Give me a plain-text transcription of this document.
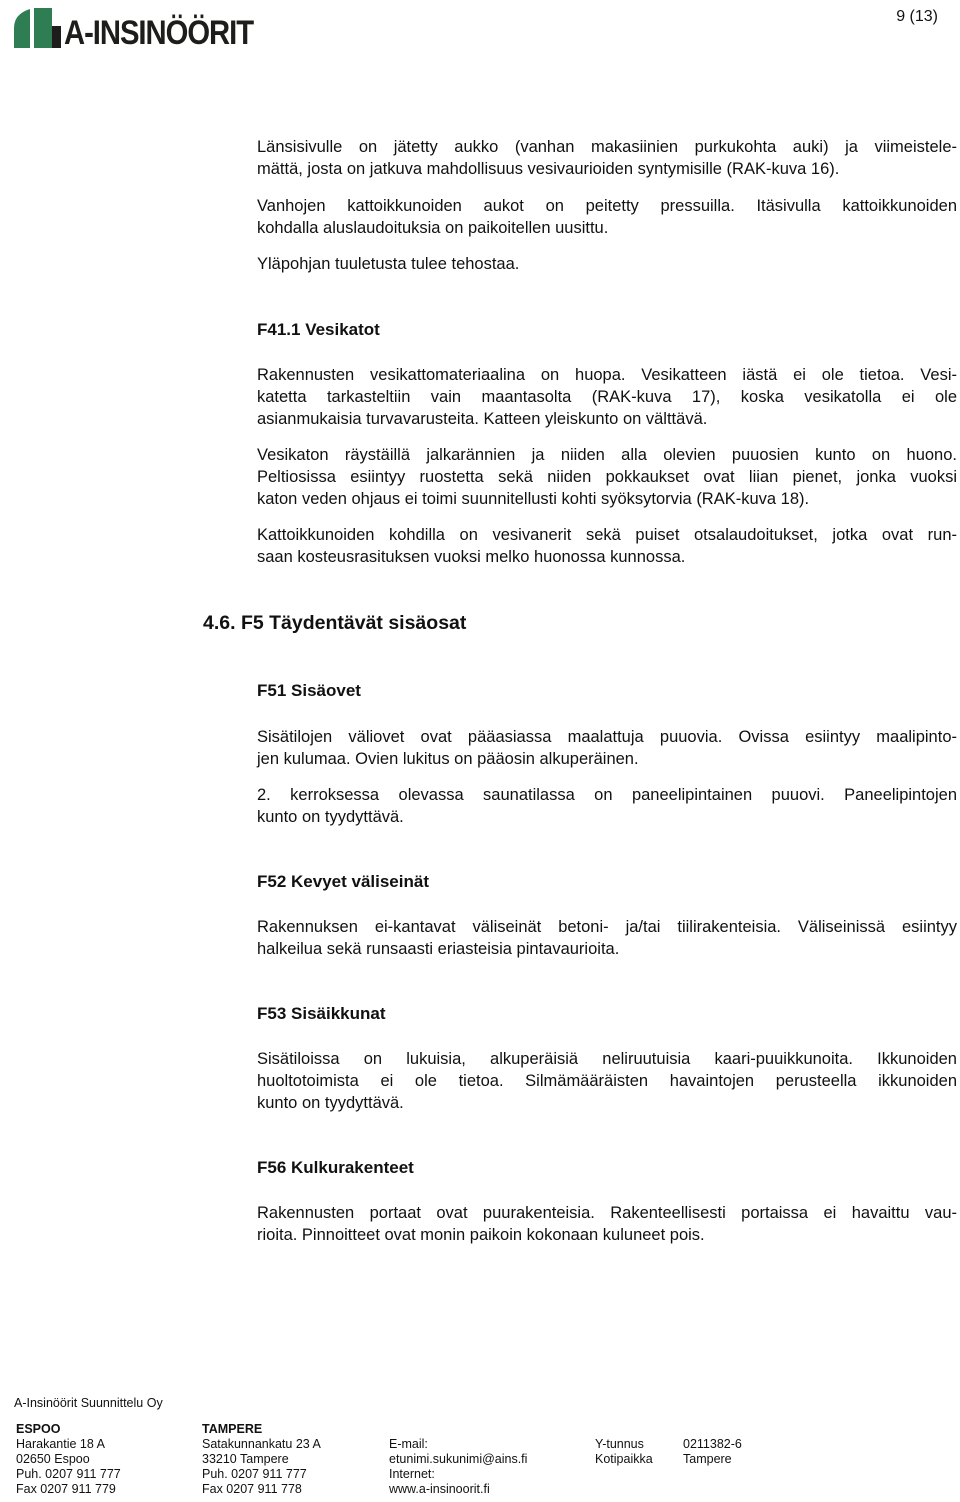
A-INSINÖÖRIT	9 (13)

Länsisivulle on jätetty aukko (vanhan makasiinien purkukohta auki) ja viimeistele-
mättä, josta on jatkuva mahdollisuus vesivaurioiden syntymisille (RAK-kuva 16).

Vanhojen kattoikkunoiden aukot on peitetty pressuilla. Itäsivulla kattoikkunoiden
kohdalla aluslaudoituksia on paikoitellen uusittu.

Yläpohjan tuuletusta tulee tehostaa.

F41.1 Vesikatot

Rakennusten vesikattomateriaalina on huopa. Vesikatteen iästä ei ole tietoa. Vesi-
katetta tarkasteltiin vain maantasolta (RAK-kuva 17), koska vesikatolla ei ole
asianmukaisia turvavarusteita. Katteen yleiskunto on välttävä.

Vesikaton räystäillä jalkarännien ja niiden alla olevien puuosien kunto on huono.
Peltiosissa esiintyy ruostetta sekä niiden pokkaukset ovat liian pienet, jonka vuoksi
katon veden ohjaus ei toimi suunnitellusti kohti syöksytorvia (RAK-kuva 18).

Kattoikkunoiden kohdilla on vesivanerit sekä puiset otsalaudoitukset, jotka ovat run-
saan kosteusrasituksen vuoksi melko huonossa kunnossa.

4.6. F5 Täydentävät sisäosat
F51 Sisäovet

Sisätilojen väliovet ovat pääasiassa maalattuja puuovia. Ovissa esiintyy maalipinto-
jen kulumaa. Ovien lukitus on pääosin alkuperäinen.

2. kerroksessa olevassa saunatilassa on paneelipintainen puuovi. Paneelipintojen
kunto on tyydyttävä.

F52 Kevyet väliseinät

Rakennuksen ei-kantavat väliseinät betoni- ja/tai tiilirakenteisia. Väliseinissä esiintyy
halkeilua sekä runsaasti eriasteisia pintavaurioita.

F53 Sisäikkunat

Sisätiloissa on lukuisia, alkuperäisiä neliruutuisia kaari-puuikkunoita. Ikkunoiden
huoltotoimista ei ole tietoa. Silmämääräisten havaintojen perusteella ikkunoiden
kunto on tyydyttävä.

F56 Kulkurakenteet

Rakennusten portaat ovat puurakenteisia. Rakenteellisesti portaissa ei havaittu vau-
rioita. Pinnoitteet ovat monin paikoin kokonaan kuluneet pois.

A-Insinöörit Suunnittelu Oy
ESPOO
Harakantie 18 A
02650 Espoo
Puh. 0207 911 777
Fax 0207 911 779
TAMPERE
Satakunnankatu 23 A
33210 Tampere
Puh. 0207 911 777
Fax 0207 911 778
E-mail:
etunimi.sukunimi@ains.fi
Internet:
www.a-insinoorit.fi
Y-tunnus
Kotipaikka
0211382-6
Tampere
